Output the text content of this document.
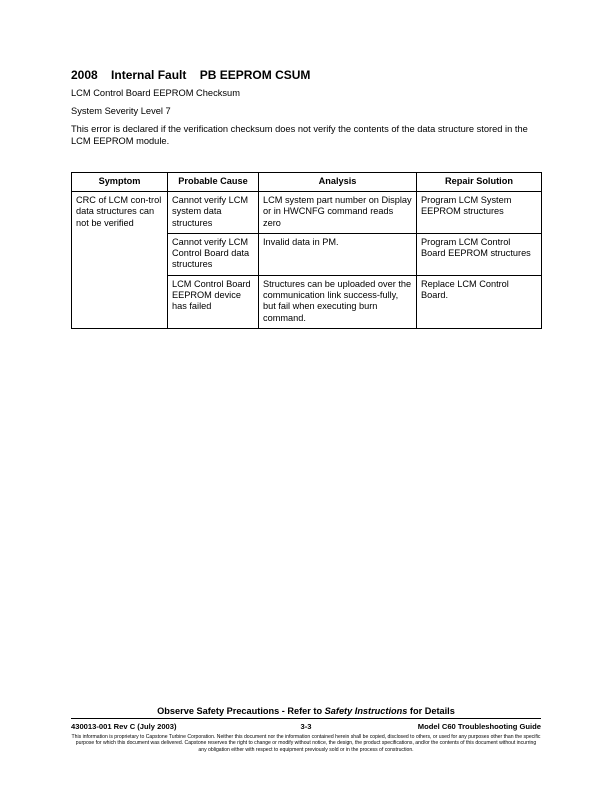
2008 Internal Fault PB EEPROM CSUM
LCM Control Board EEPROM Checksum
System Severity Level 7
This error is declared if the verification checksum does not verify the contents of the data structure stored in the LCM EEPROM module.
Symptom	Probable Cause	Analysis	Repair Solution
CRC of LCM con-trol data structures can not be verified	Cannot verify LCM system data structures	LCM system part number on Display or in HWCNFG command reads zero	Program LCM System EEPROM structures
	Cannot verify LCM Control Board data structures	Invalid data in PM.	Program LCM Control Board EEPROM structures
	LCM Control Board EEPROM device has failed	Structures can be uploaded over the communication link success-fully, but fail when executing burn command.	Replace LCM Control Board.
Observe Safety Precautions - Refer to Safety Instructions for Details
430013-001 Rev C (July 2003)	3-3	Model C60 Troubleshooting Guide
This information is proprietary to Capstone Turbine Corporation. Neither this document nor the information contained herein shall be copied, disclosed to others, or used for any purposes other than the specific purpose for which this document was delivered. Capstone reserves the right to change or modify without notice, the design, the product specifications, and/or the contents of this document without incurring any obligation either with respect to equipment previously sold or in the process of construction.
